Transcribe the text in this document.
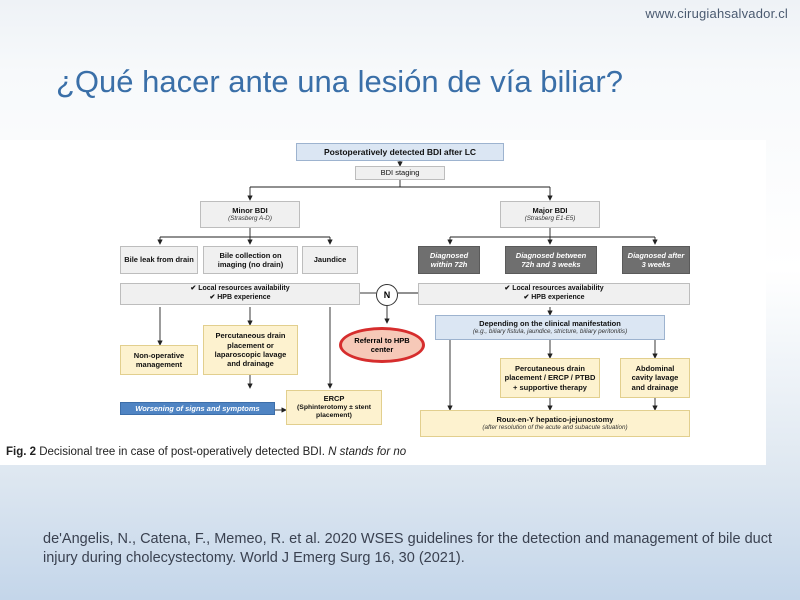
www.cirugiahsalvador.cl
¿Qué hacer ante una lesión de vía biliar?
Postoperatively detected BDI after LC
BDI staging
Minor BDI
(Strasberg A-D)
Major BDI
(Strasberg E1-E5)
Bile leak from drain
Bile collection on imaging (no drain)
Jaundice
Diagnosed within 72h
Diagnosed between 72h and 3 weeks
Diagnosed after 3 weeks
✔ Local resources availability
✔ HPB experience
✔ Local resources availability
✔ HPB experience
N
Referral to HPB center
Depending on the clinical manifestation
(e.g., biliary fistula, jaundice, stricture, biliary peritonitis)
Non-operative management
Percutaneous drain placement or laparoscopic lavage and drainage
Worsening of signs and symptoms
ERCP
(Sphinterotomy ± stent placement)
Percutaneous drain placement / ERCP / PTBD + supportive therapy
Abdominal cavity lavage and drainage
Roux-en-Y hepatico-jejunostomy
(after resolution of the acute and subacute situation)
Fig. 2 Decisional tree in case of post-operatively detected BDI. N stands for no
de'Angelis, N., Catena, F., Memeo, R. et al. 2020 WSES guidelines for the detection and management of bile duct injury during cholecystectomy. World J Emerg Surg 16, 30 (2021).
